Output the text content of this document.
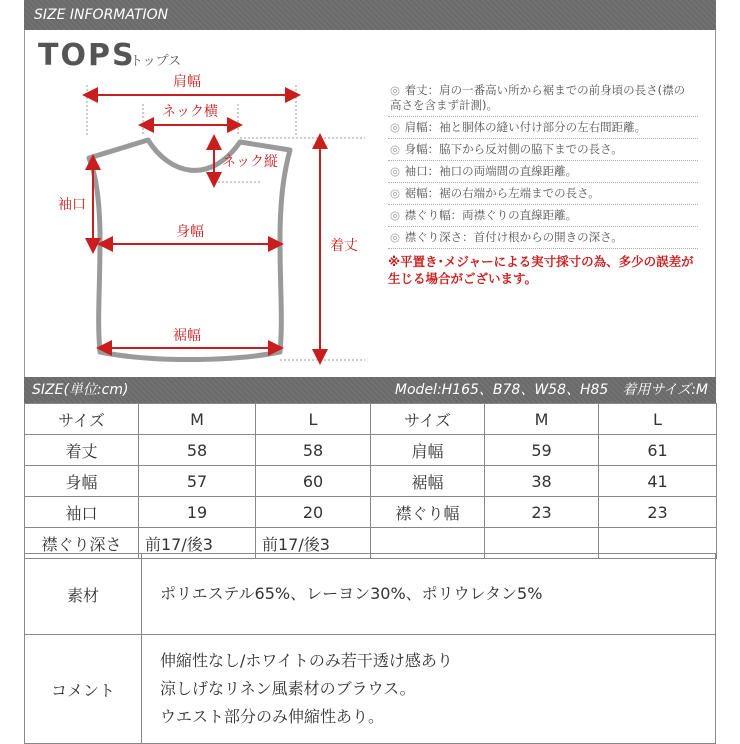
SIZE INFORMATION
TOPS
トップス
肩幅
ネック横
ネック縦
袖口
身幅
着丈
裾幅
◎ 着丈：肩の一番高い所から裾までの前身頃の長さ(襟の高さを含まず計測)。
◎ 肩幅：袖と胴体の縫い付け部分の左右間距離。
◎ 身幅：脇下から反対側の脇下までの長さ。
◎ 袖口：袖口の両端間の直線距離。
◎ 裾幅：裾の右端から左端までの長さ。
◎ 襟ぐり幅：両襟ぐりの直線距離。
◎ 襟ぐり深さ：首付け根からの開きの深さ。
※平置き･メジャーによる実寸採寸の為、多少の誤差が生じる場合がございます。
SIZE(単位:cm)	Model:H165、B78、W58、H85　着用サイズ:M
サイズ	M	L	サイズ	M	L
着丈	58	58	肩幅	59	61
身幅	57	60	裾幅	38	41
袖口	19	20	襟ぐり幅	23	23
襟ぐり深さ	前17/後3	前17/後3			
素材	ポリエステル65%、レーヨン30%、ポリウレタン5%
コメント	伸縮性なし/ホワイトのみ若干透け感あり
涼しげなリネン風素材のブラウス。
ウエスト部分のみ伸縮性あり。
